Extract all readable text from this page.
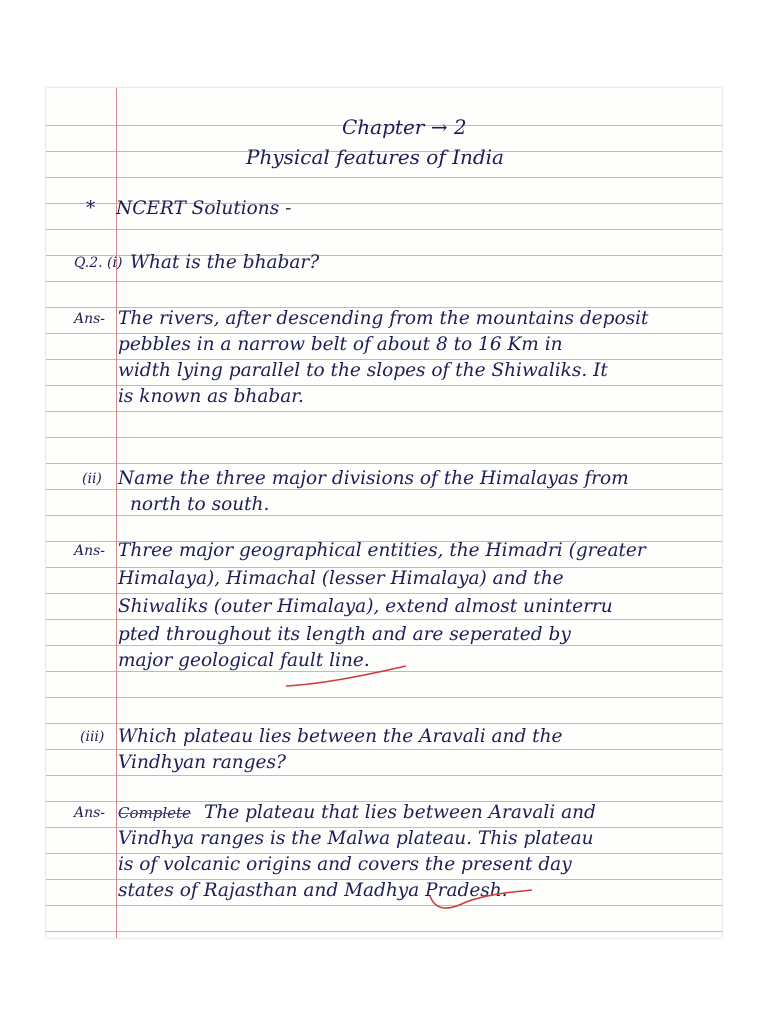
Chapter → 2

Physical features of India

* NCERT Solutions -

Q.2. (i) What is the bhabar?

Ans- The rivers, after descending from the mountains deposit

pebbles in a narrow belt of about 8 to 16 Km in

width lying parallel to the slopes of the Shiwaliks. It

is known as bhabar.

(ii) Name the three major divisions of the Himalayas from

north to south.

Ans- Three major geographical entities, the Himadri (greater

Himalaya), Himachal (lesser Himalaya) and the

Shiwaliks (outer Himalaya), extend almost uninterru

pted throughout its length and are seperated by

major geological fault line.

(iii) Which plateau lies between the Aravali and the

Vindhyan ranges?

Ans- Complete The plateau that lies between Aravali and

Vindhya ranges is the Malwa plateau. This plateau

is of volcanic origins and covers the present day

states of Rajasthan and Madhya Pradesh.
